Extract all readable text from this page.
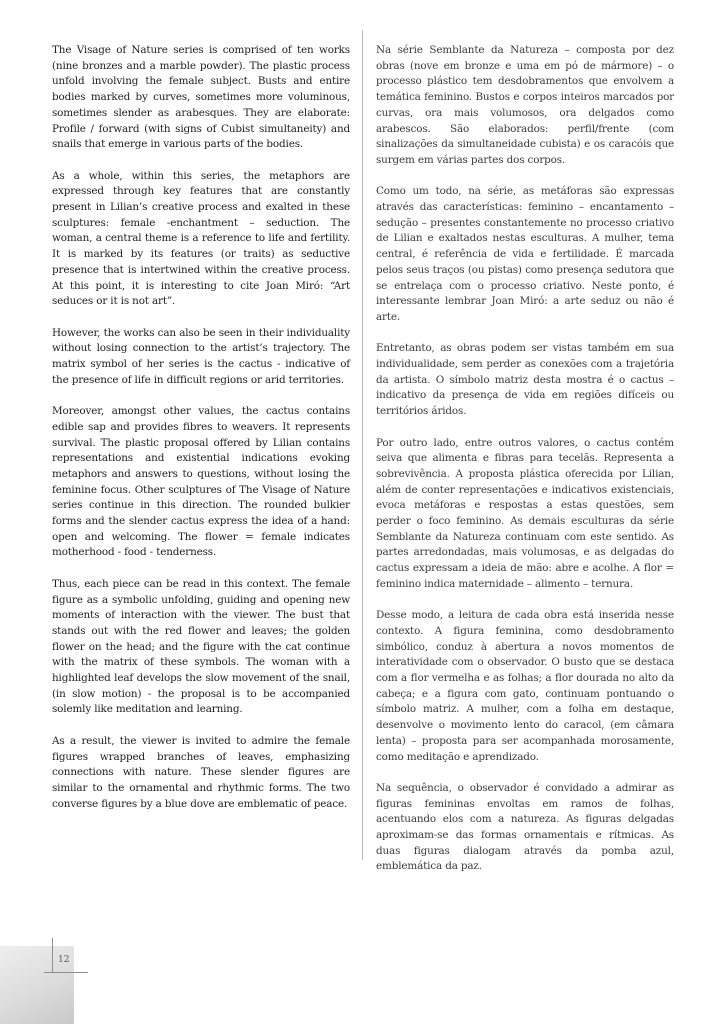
The Visage of Nature series is comprised of ten works (nine bronzes and a marble powder). The plastic process unfold involving the female subject. Busts and entire bodies marked by curves, sometimes more voluminous, sometimes slender as arabesques. They are elaborate: Profile / forward (with signs of Cubist simultaneity) and snails that emerge in various parts of the bodies.

As a whole, within this series, the metaphors are expressed through key features that are constantly present in Lilian’s creative process and exalted in these sculptures: female -enchantment – seduction. The woman, a central theme is a reference to life and fertility. It is marked by its features (or traits) as seductive presence that is intertwined within the creative process. At this point, it is interesting to cite Joan Miró: “Art seduces or it is not art”.

However, the works can also be seen in their individuality without losing connection to the artist’s trajectory. The matrix symbol of her series is the cactus - indicative of the presence of life in difficult regions or arid territories.

Moreover, amongst other values, the cactus contains edible sap and provides fibres to weavers. It represents survival. The plastic proposal offered by Lilian contains representations and existential indications evoking metaphors and answers to questions, without losing the feminine focus. Other sculptures of The Visage of Nature series continue in this direction. The rounded bulkier forms and the slender cactus express the idea of a hand: open and welcoming. The flower = female indicates motherhood - food - tenderness.

Thus, each piece can be read in this context. The female figure as a symbolic unfolding, guiding and opening new moments of interaction with the viewer. The bust that stands out with the red flower and leaves; the golden flower on the head; and the figure with the cat continue with the matrix of these symbols. The woman with a highlighted leaf develops the slow movement of the snail, (in slow motion) - the proposal is to be accompanied solemly like meditation and learning.

As a result, the viewer is invited to admire the female figures wrapped branches of leaves, emphasizing connections with nature. These slender figures are similar to the ornamental and rhythmic forms. The two converse figures by a blue dove are emblematic of peace.

Na série Semblante da Natureza – composta por dez obras (nove em bronze e uma em pó de mármore) – o processo plástico tem desdobramentos que envolvem a temática feminino. Bustos e corpos inteiros marcados por curvas, ora mais volumosos, ora delgados como arabescos. São elaborados: perfil/frente (com sinalizações da simultaneidade cubista) e os caracóis que surgem em várias partes dos corpos.

Como um todo, na série, as metáforas são expressas através das características: feminino – encantamento – sedução – presentes constantemente no processo criativo de Lilian e exaltados nestas esculturas. A mulher, tema central, é referência de vida e fertilidade. É marcada pelos seus traços (ou pistas) como presença sedutora que se entrelaça com o processo criativo. Neste ponto, é interessante lembrar Joan Miró: a arte seduz ou não é arte.

Entretanto, as obras podem ser vistas também em sua individualidade, sem perder as conexões com a trajetória da artista. O símbolo matriz desta mostra é o cactus – indicativo da presença de vida em regiões difíceis ou territórios áridos.

Por outro lado, entre outros valores, o cactus contém seiva que alimenta e fibras para tecelãs. Representa a sobrevivência. A proposta plástica oferecida por Lilian, além de conter representações e indicativos existenciais, evoca metáforas e respostas a estas questões, sem perder o foco feminino. As demais esculturas da série Semblante da Natureza continuam com este sentido. As partes arredondadas, mais volumosas, e as delgadas do cactus expressam a ideia de mão: abre e acolhe. A flor = feminino indica maternidade – alimento – ternura.

Desse modo, a leitura de cada obra está inserida nesse contexto. A figura feminina, como desdobramento simbólico, conduz à abertura a novos momentos de interatividade com o observador. O busto que se destaca com a flor vermelha e as folhas; a flor dourada no alto da cabeça; e a figura com gato, continuam pontuando o símbolo matriz. A mulher, com a folha em destaque, desenvolve o movimento lento do caracol, (em câmara lenta) – proposta para ser acompanhada morosamente, como meditação e aprendizado.

Na sequência, o observador é convidado a admirar as figuras femininas envoltas em ramos de folhas, acentuando elos com a natureza. As figuras delgadas aproximam-se das formas ornamentais e rítmicas. As duas figuras dialogam através da pomba azul, emblemática da paz.

12
